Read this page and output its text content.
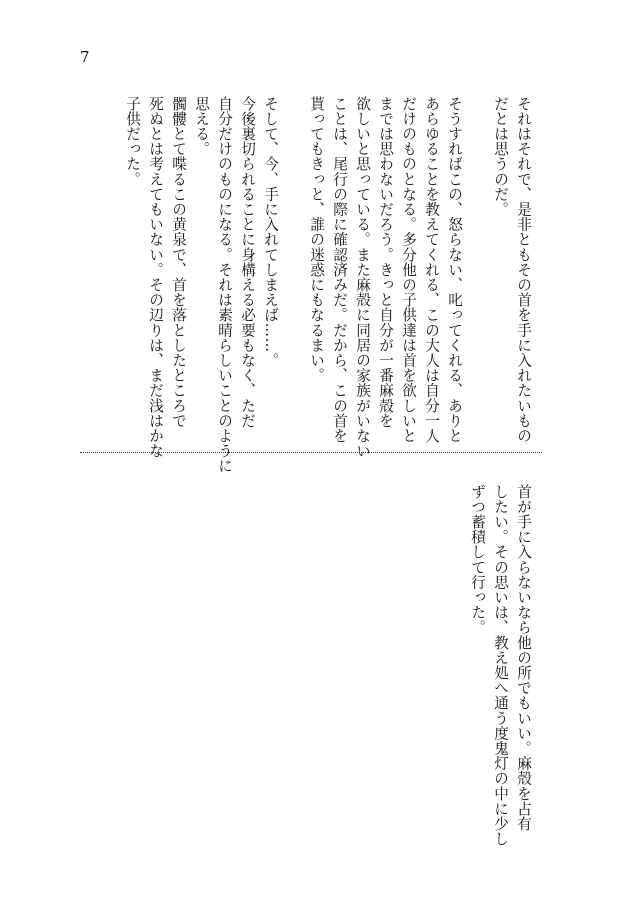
7
それはそれで、是非ともその首を手に入れたいもの
だとは思うのだ。

そうすればこの、怒らない、叱ってくれる、ありと
あらゆることを教えてくれる、この大人は自分一人
だけのものとなる。多分他の子供達は首を欲しいと
までは思わないだろう。きっと自分が一番麻殻を
欲しいと思っている。また麻殻に同居の家族がいない
ことは、尾行の際に確認済みだ。だから、この首を
貰ってもきっと、誰の迷惑にもなるまい。

そして、今、手に入れてしまえば……。
今後裏切られることに身構える必要もなく、ただ
自分だけのものになる。それは素晴らしいことのように
思える。
髑髏とて喋るこの黄泉で、首を落としたところで
死ぬとは考えてもいない。その辺りは、まだ浅はかな
子供だった。
首が手に入らないなら他の所でもいい。麻殻を占有
したい。その思いは、教え処へ通う度鬼灯の中に少し
ずつ蓄積して行った。
